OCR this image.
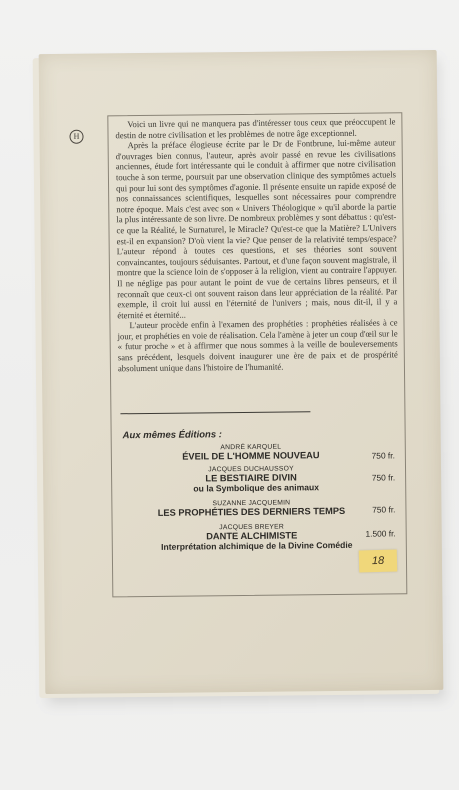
H

Voici un livre qui ne manquera pas d'intéresser tous ceux que préoccupent le destin de notre civilisation et les problèmes de notre âge exceptionnel.

Après la préface élogieuse écrite par le Dr de Fontbrune, lui-même auteur d'ouvrages bien connus, l'auteur, après avoir passé en revue les civilisations anciennes, étude fort intéressante qui le conduit à affirmer que notre civilisation touche à son terme, poursuit par une observation clinique des symptômes actuels qui pour lui sont des symptômes d'agonie. Il présente ensuite un rapide exposé de nos connaissances scientifiques, lesquelles sont nécessaires pour comprendre notre époque. Mais c'est avec son « Univers Théologique » qu'il aborde la partie la plus intéressante de son livre. De nombreux problèmes y sont débattus : qu'est-ce que la Réalité, le Surnaturel, le Miracle? Qu'est-ce que la Matière? L'Univers est-il en expansion? D'où vient la vie? Que penser de la relativité temps/espace? L'auteur répond à toutes ces questions, et ses théories sont souvent convaincantes, toujours séduisantes. Partout, et d'une façon souvent magistrale, il montre que la science loin de s'opposer à la religion, vient au contraire l'appuyer. Il ne néglige pas pour autant le point de vue de certains libres penseurs, et il reconnaît que ceux-ci ont souvent raison dans leur appréciation de la réalité. Par exemple, il croit lui aussi en l'éternité de l'univers ; mais, nous dit-il, il y a éternité et éternité...

L'auteur procède enfin à l'examen des prophéties : prophéties réalisées à ce jour, et prophéties en voie de réalisation. Cela l'amène à jeter un coup d'œil sur le « futur proche » et à affirmer que nous sommes à la veille de bouleversements sans précédent, lesquels doivent inaugurer une ère de paix et de prospérité absolument unique dans l'histoire de l'humanité.

Aux mêmes Éditions :
ANDRÉ KARQUEL
ÉVEIL DE L'HOMME NOUVEAU	750 fr.
JACQUES DUCHAUSSOY
LE BESTIAIRE DIVIN
ou la Symbolique des animaux
750 fr.
SUZANNE JACQUEMIN
LES PROPHÉTIES DES DERNIERS TEMPS	750 fr.
JACQUES BREYER
DANTE ALCHIMISTE
Interprétation alchimique de la Divine Comédie
1.500 fr.
18
